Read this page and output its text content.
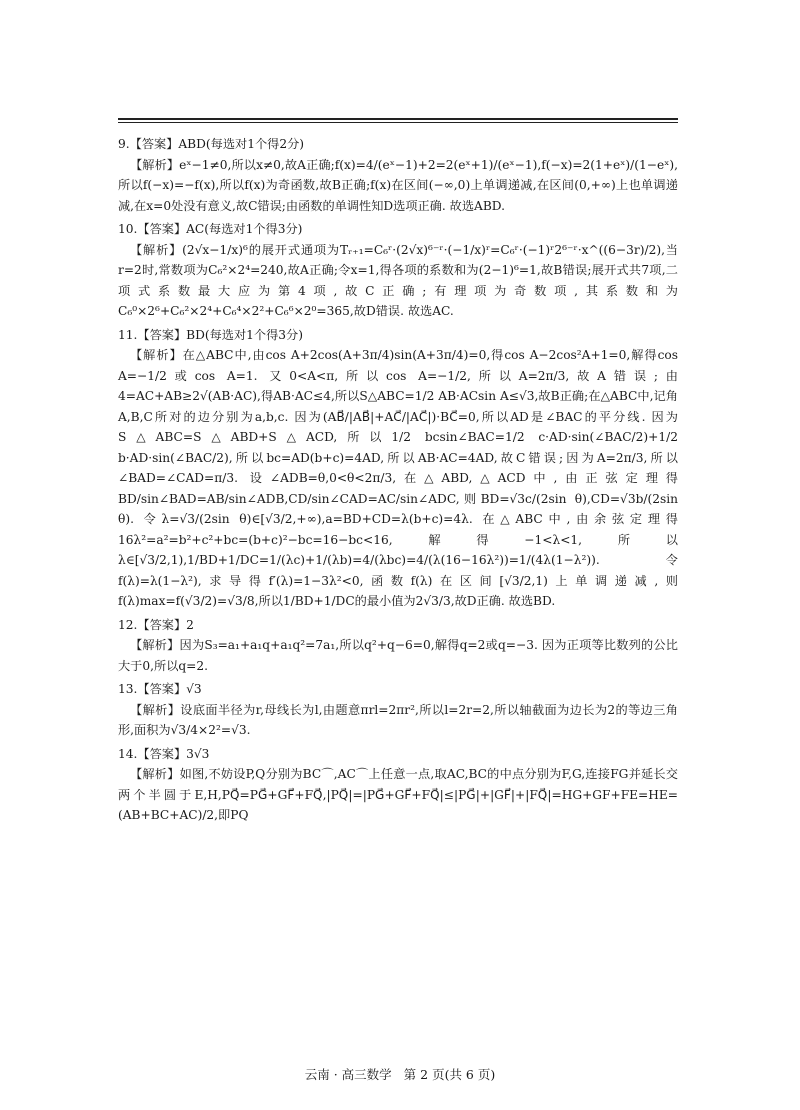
9.【答案】ABD(每选对1个得2分)
【解析】eˣ−1≠0,所以x≠0,故A正确;f(x)=4/(eˣ−1)+2=2(eˣ+1)/(eˣ−1),f(−x)=2(1+eˣ)/(1−eˣ),所以f(−x)=−f(x),所以f(x)为奇函数,故B正确;f(x)在区间(−∞,0)上单调递减,在区间(0,+∞)上也单调递减,在x=0处没有意义,故C错误;由函数的单调性知D选项正确. 故选ABD.
10.【答案】AC(每选对1个得3分)
【解析】(2√x−1/x)⁶的展开式通项为Tᵣ₊₁=C₆ʳ·(2√x)⁶⁻ʳ·(−1/x)ʳ=C₆ʳ·(−1)ʳ2⁶⁻ʳ·x^((6−3r)/2),当r=2时,常数项为C₆²×2⁴=240,故A正确;令x=1,得各项的系数和为(2−1)⁶=1,故B错误;展开式共7项,二项式系数最大应为第4项,故C正确;有理项为奇数项,其系数和为C₆⁰×2⁶+C₆²×2⁴+C₆⁴×2²+C₆⁶×2⁰=365,故D错误. 故选AC.
11.【答案】BD(每选对1个得3分)
【解析】在△ABC中,由cos A+2cos(A+3π/4)sin(A+3π/4)=0,得cos A−2cos²A+1=0,解得cos A=−1/2或cos A=1. 又0<A<π,所以cos A=−1/2,所以A=2π/3,故A错误;由4=AC+AB≥2√(AB·AC),得AB·AC≤4,所以S△ABC=1/2 AB·ACsin A≤√3,故B正确;在△ABC中,记角A,B,C所对的边分别为a,b,c. 因为(AB⃗/|AB⃗|+AC⃗/|AC⃗|)·BC⃗=0,所以AD是∠BAC的平分线. 因为S△ABC=S△ABD+S△ACD,所以1/2 bcsin∠BAC=1/2 c·AD·sin(∠BAC/2)+1/2 b·AD·sin(∠BAC/2),所以bc=AD(b+c)=4AD,所以AB·AC=4AD,故C错误;因为A=2π/3,所以∠BAD=∠CAD=π/3. 设∠ADB=θ,0<θ<2π/3,在△ABD,△ACD中,由正弦定理得BD/sin∠BAD=AB/sin∠ADB,CD/sin∠CAD=AC/sin∠ADC,则BD=√3c/(2sin θ),CD=√3b/(2sin θ). 令λ=√3/(2sin θ)∈[√3/2,+∞),a=BD+CD=λ(b+c)=4λ. 在△ABC中,由余弦定理得16λ²=a²=b²+c²+bc=(b+c)²−bc=16−bc<16,解得−1<λ<1,所以λ∈[√3/2,1),1/BD+1/DC=1/(λc)+1/(λb)=4/(λbc)=4/(λ(16−16λ²))=1/(4λ(1−λ²)). 令f(λ)=λ(1−λ²),求导得f′(λ)=1−3λ²<0,函数f(λ)在区间[√3/2,1)上单调递减,则f(λ)max=f(√3/2)=√3/8,所以1/BD+1/DC的最小值为2√3/3,故D正确. 故选BD.
12.【答案】2
【解析】因为S₃=a₁+a₁q+a₁q²=7a₁,所以q²+q−6=0,解得q=2或q=−3. 因为正项等比数列的公比大于0,所以q=2.
13.【答案】√3
【解析】设底面半径为r,母线长为l,由题意πrl=2πr²,所以l=2r=2,所以轴截面为边长为2的等边三角形,面积为√3/4×2²=√3.
14.【答案】3√3
【解析】如图,不妨设P,Q分别为BC⌒,AC⌒上任意一点,取AC,BC的中点分别为F,G,连接FG并延长交两个半圆于E,H,PQ⃗=PG⃗+GF⃗+FQ⃗,|PQ⃗|=|PG⃗+GF⃗+FQ⃗|≤|PG⃗|+|GF⃗|+|FQ⃗|=HG+GF+FE=HE=(AB+BC+AC)/2,即PQ
云南 · 高三数学 第 2 页(共 6 页)
